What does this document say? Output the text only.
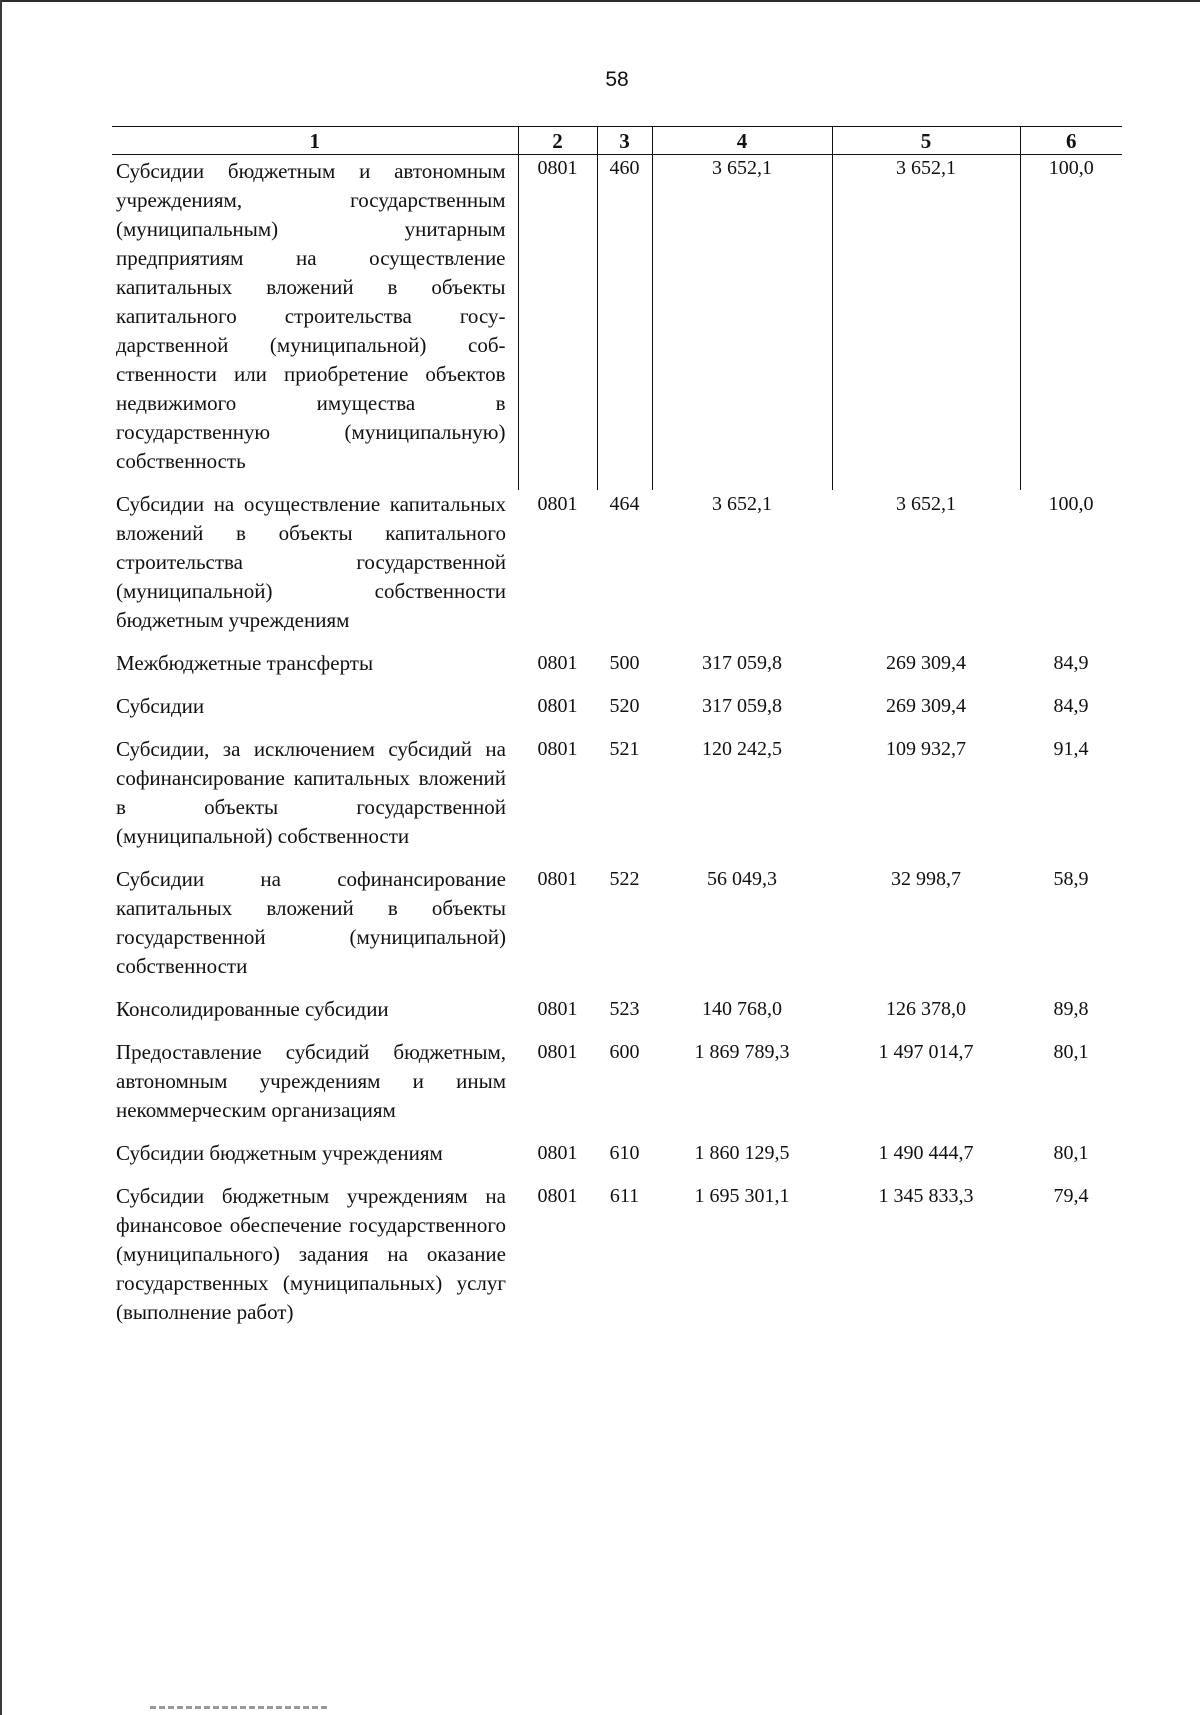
58
1	2	3	4	5	6
Субсидии бюджетным и автономным учреждениям, государственным (муниципальным) унитарным предприятиям на осуществление капитальных вложений в объекты капитального строительства государственной (муниципальной) собственности или приобретение объектов недвижимого имущества в государственную (муниципальную) собственность	0801	460	3 652,1	3 652,1	100,0
Субсидии на осуществление капитальных вложений в объекты капитального строительства государственной (муниципальной) собственности бюджетным учреждениям	0801	464	3 652,1	3 652,1	100,0
Межбюджетные трансферты	0801	500	317 059,8	269 309,4	84,9
Субсидии	0801	520	317 059,8	269 309,4	84,9
Субсидии, за исключением субсидий на софинансирование капитальных вложений в объекты государственной (муниципальной) собственности	0801	521	120 242,5	109 932,7	91,4
Субсидии на софинансирование капитальных вложений в объекты государственной (муниципальной) собственности	0801	522	56 049,3	32 998,7	58,9
Консолидированные субсидии	0801	523	140 768,0	126 378,0	89,8
Предоставление субсидий бюджетным, автономным учреждениям и иным некоммерческим организациям	0801	600	1 869 789,3	1 497 014,7	80,1
Субсидии бюджетным учреждениям	0801	610	1 860 129,5	1 490 444,7	80,1
Субсидии бюджетным учреждениям на финансовое обеспечение государственного (муниципального) задания на оказание государственных (муниципальных) услуг (выполнение работ)	0801	611	1 695 301,1	1 345 833,3	79,4
